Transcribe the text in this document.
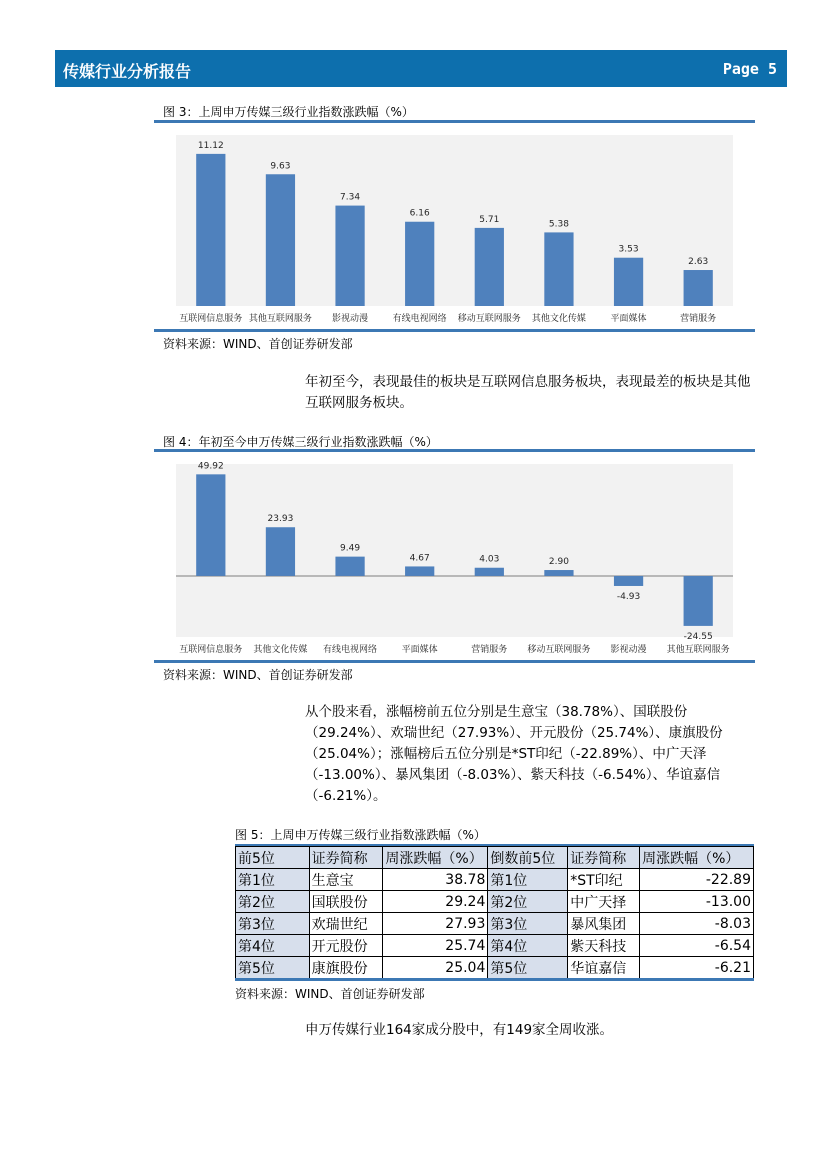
传媒行业分析报告	Page 5
图 3：上周申万传媒三级行业指数涨跌幅（%）
11.12
互联网信息服务
9.63
其他互联网服务
7.34
影视动漫
6.16
有线电视网络
5.71
移动互联网服务
5.38
其他文化传媒
3.53
平面媒体
2.63
营销服务
资料来源：WIND、首创证券研发部
年初至今，表现最佳的板块是互联网信息服务板块，表现最差的板块是其他互联网服务板块。
图 4：年初至今申万传媒三级行业指数涨跌幅（%）
49.92
互联网信息服务
23.93
其他文化传媒
9.49
有线电视网络
4.67
平面媒体
4.03
营销服务
2.90
移动互联网服务
-4.93
影视动漫
-24.55
其他互联网服务
资料来源：WIND、首创证券研发部
从个股来看，涨幅榜前五位分别是生意宝（38.78%）、国联股份（29.24%）、欢瑞世纪（27.93%）、开元股份（25.74%）、康旗股份（25.04%）；涨幅榜后五位分别是*ST印纪（-22.89%）、中广天泽（-13.00%）、暴风集团（-8.03%）、紫天科技（-6.54%）、华谊嘉信（-6.21%）。
图 5：上周申万传媒三级行业指数涨跌幅（%）
前5位	证券简称	周涨跌幅（%）	倒数前5位	证券简称	周涨跌幅（%）
第1位	生意宝	38.78	第1位	*ST印纪	-22.89
第2位	国联股份	29.24	第2位	中广天择	-13.00
第3位	欢瑞世纪	27.93	第3位	暴风集团	-8.03
第4位	开元股份	25.74	第4位	紫天科技	-6.54
第5位	康旗股份	25.04	第5位	华谊嘉信	-6.21
资料来源：WIND、首创证券研发部
申万传媒行业164家成分股中，有149家全周收涨。
